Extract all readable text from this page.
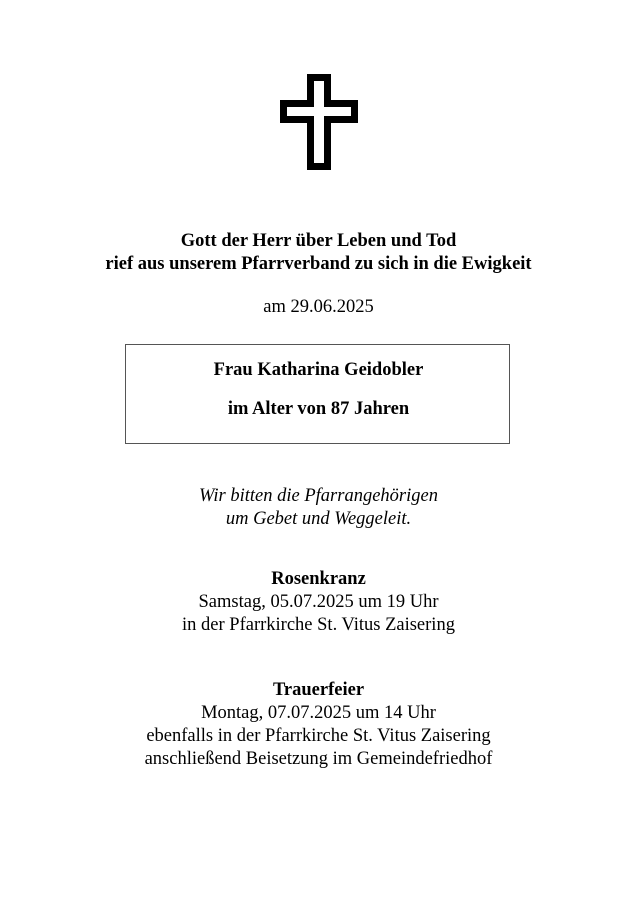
Gott der Herr über Leben und Tod
rief aus unserem Pfarrverband zu sich in die Ewigkeit
am 29.06.2025
Frau Katharina Geidobler
im Alter von 87 Jahren
Wir bitten die Pfarrangehörigen
um Gebet und Weggeleit.
Rosenkranz
Samstag, 05.07.2025 um 19 Uhr
in der Pfarrkirche St. Vitus Zaisering
Trauerfeier
Montag, 07.07.2025 um 14 Uhr
ebenfalls in der Pfarrkirche St. Vitus Zaisering
anschließend Beisetzung im Gemeindefriedhof
